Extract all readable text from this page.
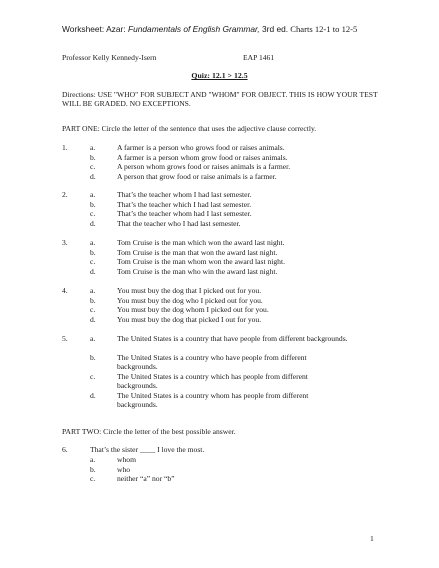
Worksheet: Azar: Fundamentals of English Grammar, 3rd ed. Charts 12-1 to 12-5
Professor Kelly Kennedy-Isern	EAP 1461
Quiz: 12.1 > 12.5
Directions: USE "WHO" FOR SUBJECT AND "WHOM" FOR OBJECT. THIS IS HOW YOUR TEST WILL BE GRADED. NO EXCEPTIONS.
PART ONE: Circle the letter of the sentence that uses the adjective clause correctly.
1.	a.	A farmer is a person who grows food or raises animals.
b.	A farmer is a person whom grow food or raises animals.
c.	A person whom grows food or raises animals is a farmer.
d.	A person that grow food or raise animals is a farmer.
2.	a.	That’s the teacher whom I had last semester.
b.	That’s the teacher which I had last semester.
c.	That’s the teacher whom had I last semester.
d.	That the teacher who I had last semester.
3.	a.	Tom Cruise is the man which won the award last night.
b.	Tom Cruise is the man that won the award last night.
c.	Tom Cruise is the man whom won the award last night.
d.	Tom Cruise is the man who win the award last night.
4.	a.	You must buy the dog that I picked out for you.
b.	You must buy the dog who I picked out for you.
c.	You must buy the dog whom I picked out for you.
d.	You must buy the dog that picked I out for you.
5.	a.	The United States is a country that have people from different backgrounds.
b.	The United States is a country who have people from different backgrounds.
c.	The United States is a country which has people from different backgrounds.
d.	The United States is a country whom has people from different backgrounds.
PART TWO: Circle the letter of the best possible answer.
6.	That’s the sister ____ I love the most.
a.	whom
b.	who
c.	neither “a” nor “b”
1
